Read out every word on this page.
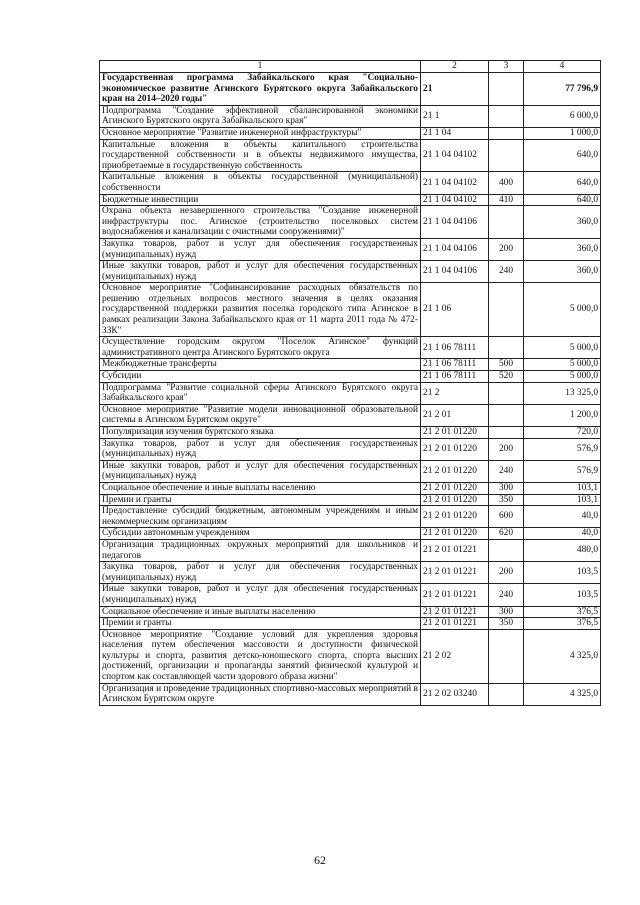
1	2	3	4
Государственная программа Забайкальского края "Социально-экономическое развитие Агинского Бурятского округа Забайкальского края на 2014–2020 годы"	21		77 796,9
Подпрограмма "Создание эффективной сбалансированной экономики Агинского Бурятского округа Забайкальского края"	21 1		6 000,0
Основное мероприятие "Развитие инженерной инфраструктуры"	21 1 04		1 000,0
Капитальные вложения в объекты капитального строительства государственной собственности и в объекты недвижимого имущества, приобретаемые в государственную собственность	21 1 04 04102		640,0
Капитальные вложения в объекты государственной (муниципальной) собственности	21 1 04 04102	400	640,0
Бюджетные инвестиции	21 1 04 04102	410	640,0
Охрана объекта незавершенного строительства "Создание инженерной инфраструктуры пос. Агинское (строительство поселковых систем водоснабжения и канализации с очистными сооружениями)"	21 1 04 04106		360,0
Закупка товаров, работ и услуг для обеспечения государственных (муниципальных) нужд	21 1 04 04106	200	360,0
Иные закупки товаров, работ и услуг для обеспечения государственных (муниципальных) нужд	21 1 04 04106	240	360,0
Основное мероприятие "Софинансирование расходных обязательств по решению отдельных вопросов местного значения в целях оказания государственной поддержки развития поселка городского типа Агинское в рамках реализации Закона Забайкальского края от 11 марта 2011 года № 472-ЗЗК"	21 1 06		5 000,0
Осуществление городским округом "Поселок Агинское" функций административного центра Агинского Бурятского округа	21 1 06 78111		5 000,0
Межбюджетные трансферты	21 1 06 78111	500	5 000,0
Субсидии	21 1 06 78111	520	5 000,0
Подпрограмма "Развитие социальной сферы Агинского Бурятского округа Забайкальского края"	21 2		13 325,0
Основное мероприятие "Развитие модели инновационной образовательной системы в Агинском Бурятском округе"	21 2 01		1 200,0
Популяризация изучения бурятского языка	21 2 01 01220		720,0
Закупка товаров, работ и услуг для обеспечения государственных (муниципальных) нужд	21 2 01 01220	200	576,9
Иные закупки товаров, работ и услуг для обеспечения государственных (муниципальных) нужд	21 2 01 01220	240	576,9
Социальное обеспечение и иные выплаты населению	21 2 01 01220	300	103,1
Премии и гранты	21 2 01 01220	350	103,1
Предоставление субсидий бюджетным, автономным учреждениям и иным некоммерческим организациям	21 2 01 01220	600	40,0
Субсидии автономным учреждениям	21 2 01 01220	620	40,0
Организация традиционных окружных мероприятий для школьников и педагогов	21 2 01 01221		480,0
Закупка товаров, работ и услуг для обеспечения государственных (муниципальных) нужд	21 2 01 01221	200	103,5
Иные закупки товаров, работ и услуг для обеспечения государственных (муниципальных) нужд	21 2 01 01221	240	103,5
Социальное обеспечение и иные выплаты населению	21 2 01 01221	300	376,5
Премии и гранты	21 2 01 01221	350	376,5
Основное мероприятие "Создание условий для укрепления здоровья населения путем обеспечения массовости и доступности физической культуры и спорта, развития детско-юношеского спорта, спорта высших достижений, организации и пропаганды занятий физической культурой и спортом как составляющей части здорового образа жизни"	21 2 02		4 325,0
Организация и проведение традиционных спортивно-массовых мероприятий в Агинском Бурятском округе	21 2 02 03240		4 325,0
62
